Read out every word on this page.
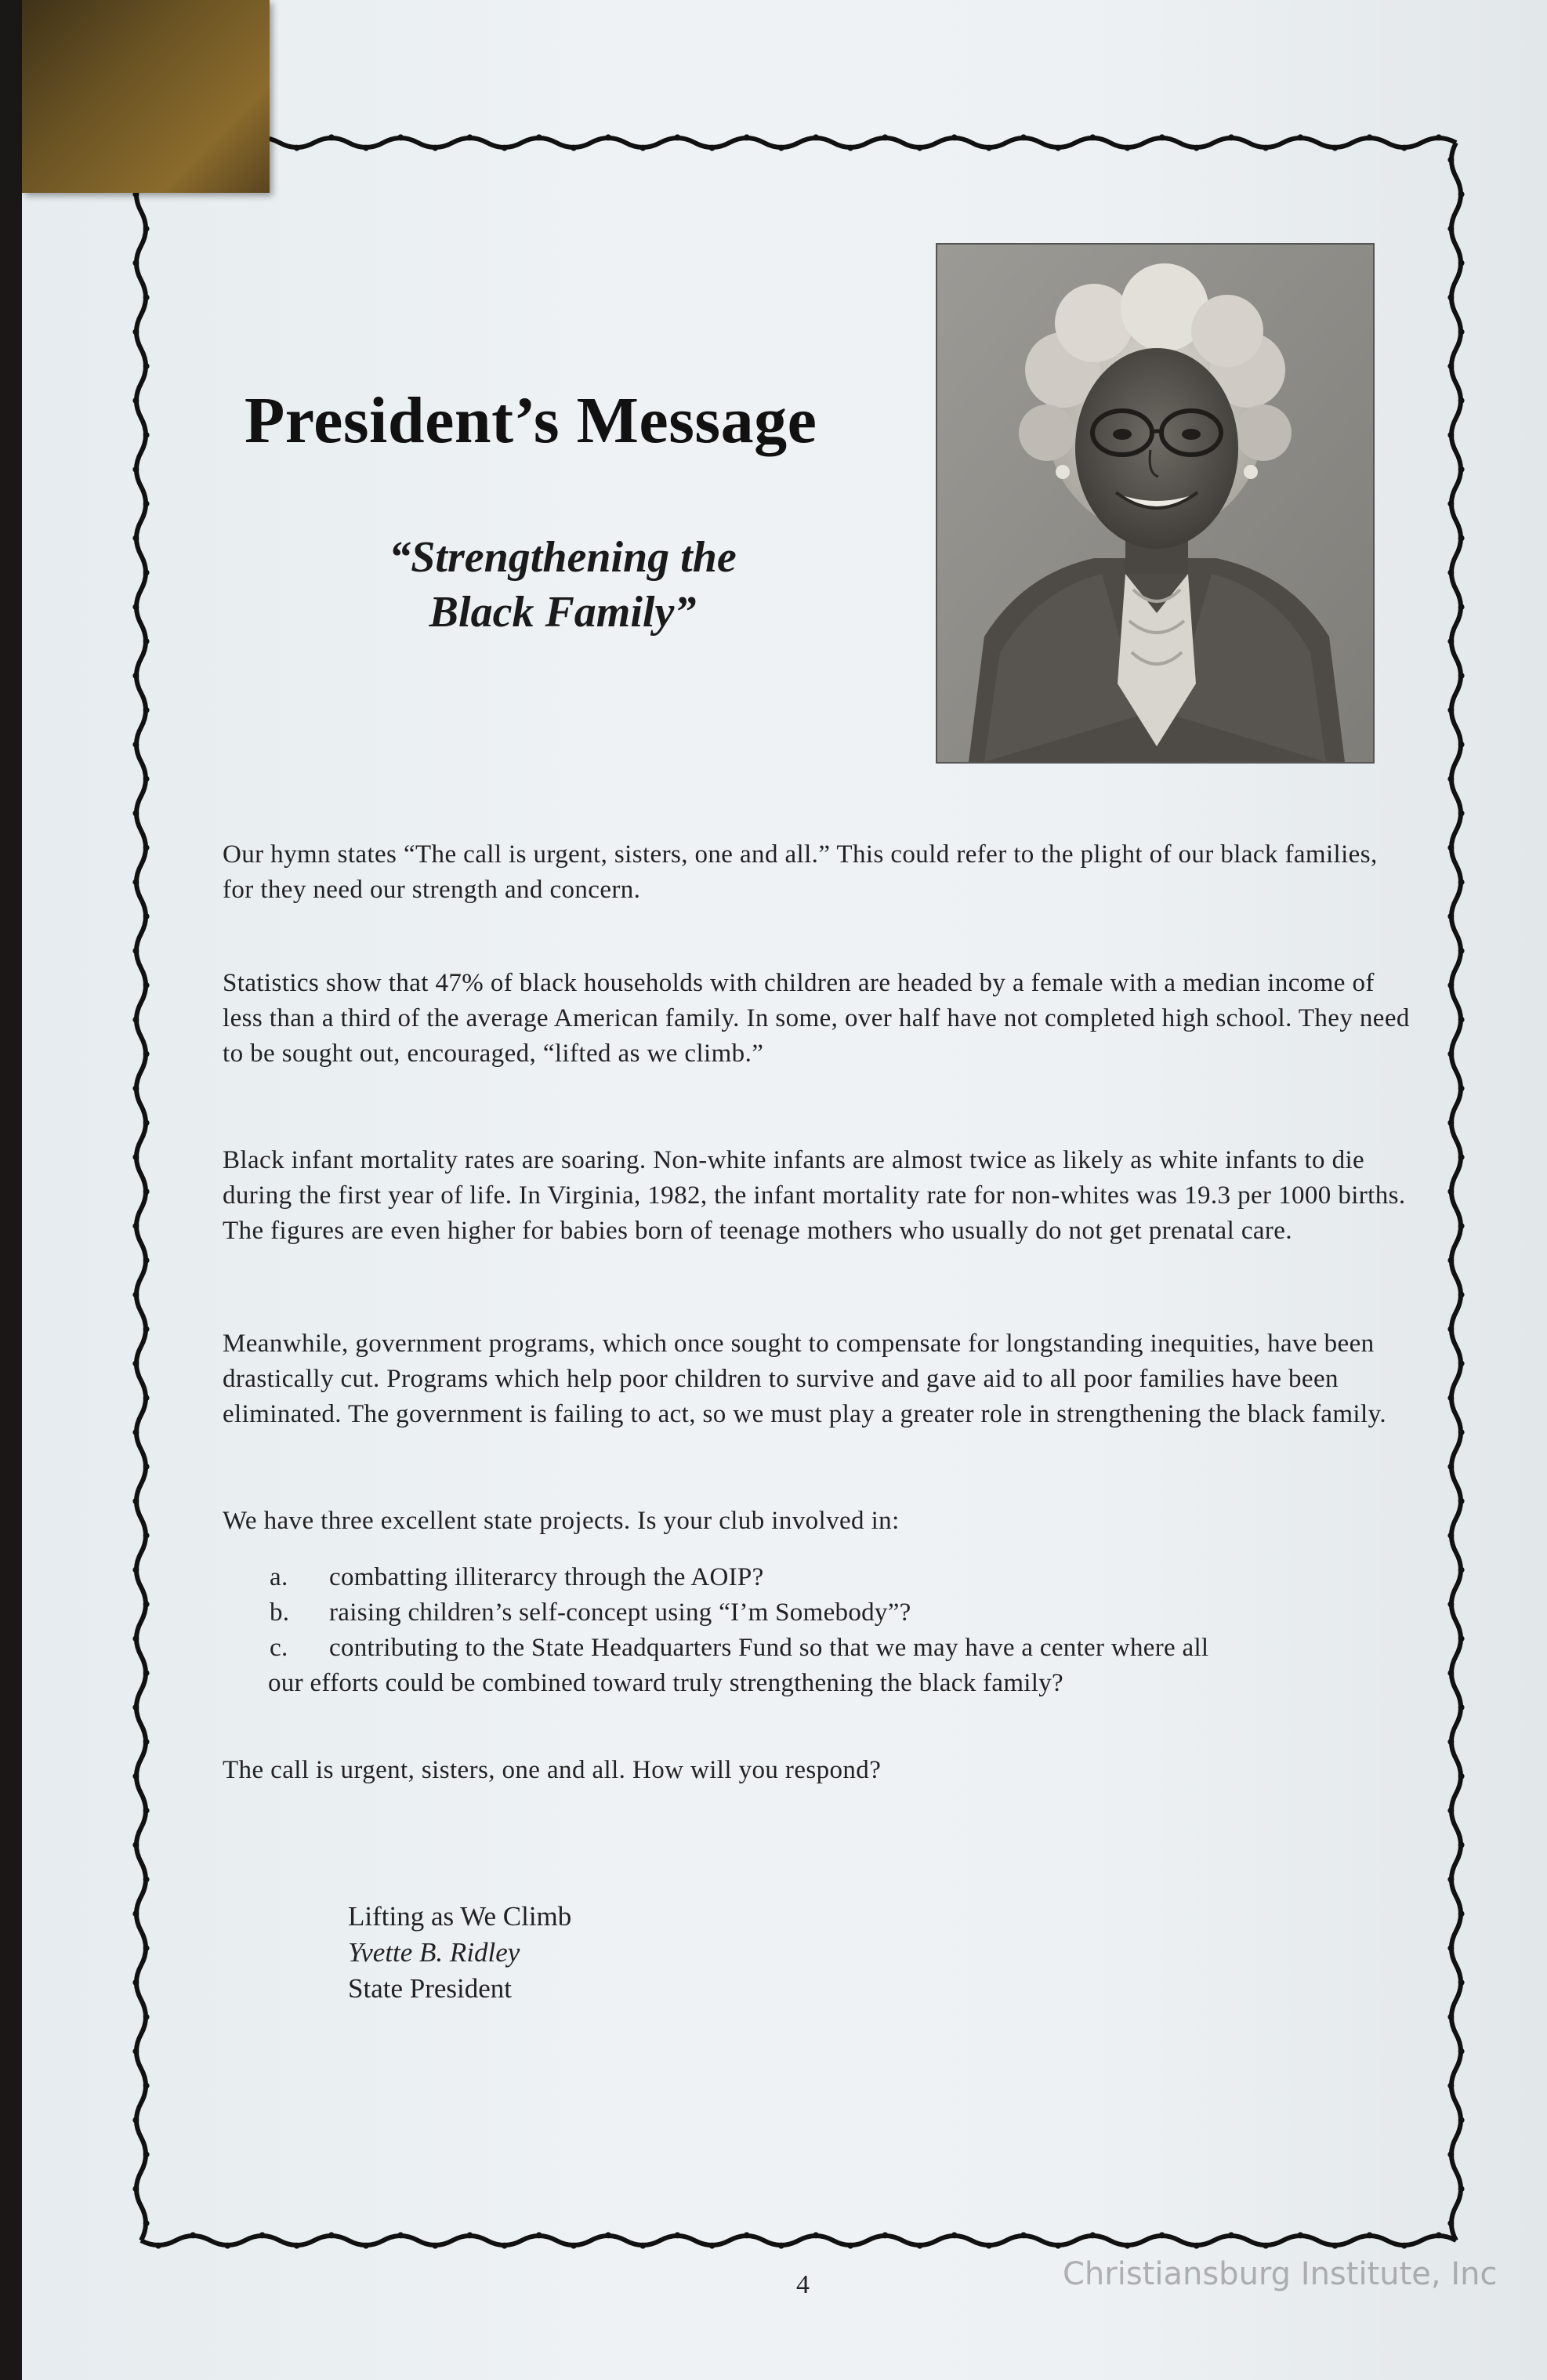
President’s Message
“Strengthening the
Black Family”

Our hymn states “The call is urgent, sisters, one and all.” This could refer to the plight of our black families, for they need our strength and concern.

Statistics show that 47% of black households with children are headed by a female with a median income of less than a third of the average American family. In some, over half have not completed high school. They need to be sought out, encouraged, “lifted as we climb.”

Black infant mortality rates are soaring. Non-white infants are almost twice as likely as white infants to die during the first year of life. In Virginia, 1982, the infant mortality rate for non-whites was 19.3 per 1000 births. The figures are even higher for babies born of teenage mothers who usually do not get prenatal care.

Meanwhile, government programs, which once sought to compensate for longstanding inequities, have been drastically cut. Programs which help poor children to survive and gave aid to all poor families have been eliminated. The government is failing to act, so we must play a greater role in strengthening the black family.

We have three excellent state projects. Is your club involved in:

a.	combatting illiterarcy through the AOIP?
b.	raising children’s self-concept using “I’m Somebody”?
c.	contributing to the State Headquarters Fund so that we may have a center where all
our efforts could be combined toward truly strengthening the black family?

The call is urgent, sisters, one and all. How will you respond?

Lifting as We Climb
Yvette B. Ridley
State President
Christiansburg Institute, Inc
4
